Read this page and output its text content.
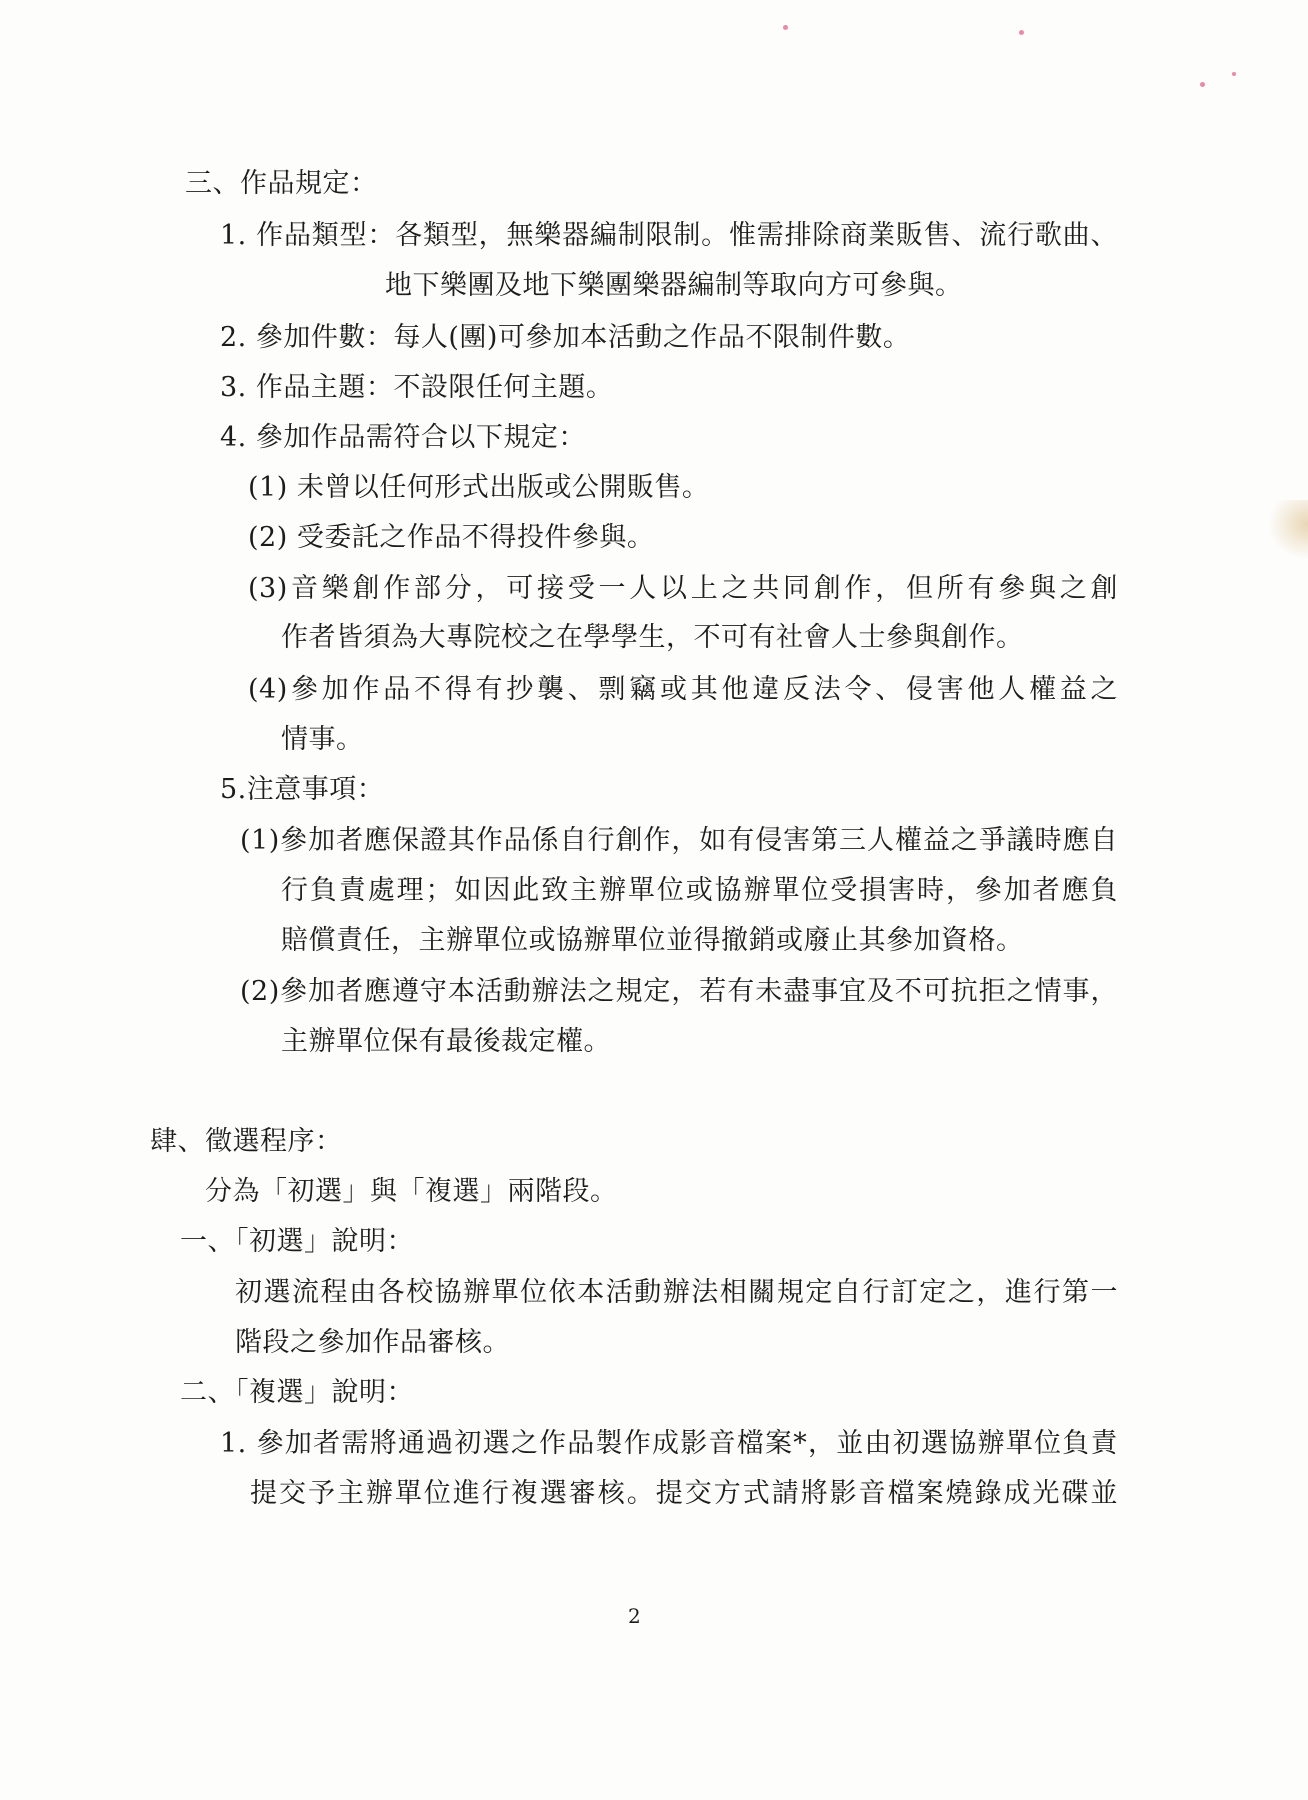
三、作品規定：
1. 作品類型：各類型，無樂器編制限制。惟需排除商業販售、流行歌曲、
地下樂團及地下樂團樂器編制等取向方可參與。
2. 參加件數：每人(團)可參加本活動之作品不限制件數。
3. 作品主題：不設限任何主題。
4. 參加作品需符合以下規定：
(1) 未曾以任何形式出版或公開販售。
(2) 受委託之作品不得投件參與。
(3)音樂創作部分，可接受一人以上之共同創作，但所有參與之創
作者皆須為大專院校之在學學生，不可有社會人士參與創作。
(4)參加作品不得有抄襲、剽竊或其他違反法令、侵害他人權益之
情事。
5.注意事項：
(1)參加者應保證其作品係自行創作，如有侵害第三人權益之爭議時應自
行負責處理；如因此致主辦單位或協辦單位受損害時，參加者應負
賠償責任，主辦單位或協辦單位並得撤銷或廢止其參加資格。
(2)參加者應遵守本活動辦法之規定，若有未盡事宜及不可抗拒之情事，
主辦單位保有最後裁定權。
肆、徵選程序：
分為「初選」與「複選」兩階段。
一、「初選」說明：
初選流程由各校協辦單位依本活動辦法相關規定自行訂定之，進行第一
階段之參加作品審核。
二、「複選」說明：
1. 參加者需將通過初選之作品製作成影音檔案*，並由初選協辦單位負責
提交予主辦單位進行複選審核。提交方式請將影音檔案燒錄成光碟並
2
